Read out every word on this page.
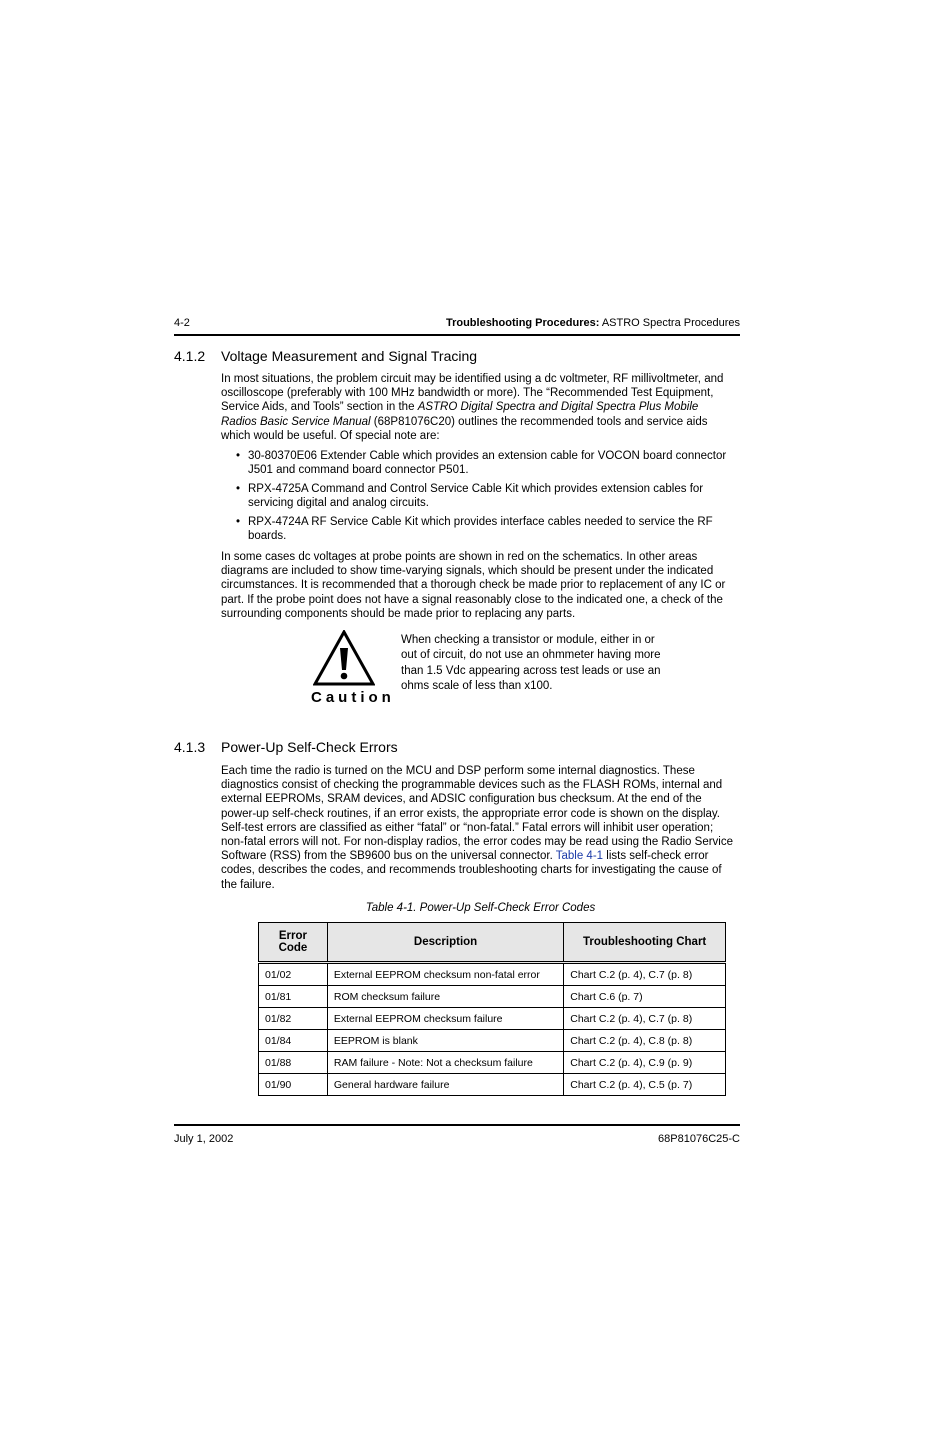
4-2	Troubleshooting Procedures: ASTRO Spectra Procedures
4.1.2 Voltage Measurement and Signal Tracing
In most situations, the problem circuit may be identified using a dc voltmeter, RF millivoltmeter, and
oscilloscope (preferably with 100 MHz bandwidth or more). The “Recommended Test Equipment,
Service Aids, and Tools” section in the ASTRO Digital Spectra and Digital Spectra Plus Mobile
Radios Basic Service Manual (68P81076C20) outlines the recommended tools and service aids
which would be useful. Of special note are:
• 30-80370E06 Extender Cable which provides an extension cable for VOCON board connector
J501 and command board connector P501.
• RPX-4725A Command and Control Service Cable Kit which provides extension cables for
servicing digital and analog circuits.
• RPX-4724A RF Service Cable Kit which provides interface cables needed to service the RF
boards.
In some cases dc voltages at probe points are shown in red on the schematics. In other areas
diagrams are included to show time-varying signals, which should be present under the indicated
circumstances. It is recommended that a thorough check be made prior to replacement of any IC or
part. If the probe point does not have a signal reasonably close to the indicated one, a check of the
surrounding components should be made prior to replacing any parts.
Caution
When checking a transistor or module, either in or
out of circuit, do not use an ohmmeter having more
than 1.5 Vdc appearing across test leads or use an
ohms scale of less than x100.
4.1.3 Power-Up Self-Check Errors
Each time the radio is turned on the MCU and DSP perform some internal diagnostics. These
diagnostics consist of checking the programmable devices such as the FLASH ROMs, internal and
external EEPROMs, SRAM devices, and ADSIC configuration bus checksum. At the end of the
power-up self-check routines, if an error exists, the appropriate error code is shown on the display.
Self-test errors are classified as either “fatal” or “non-fatal.” Fatal errors will inhibit user operation;
non-fatal errors will not. For non-display radios, the error codes may be read using the Radio Service
Software (RSS) from the SB9600 bus on the universal connector. Table 4-1 lists self-check error
codes, describes the codes, and recommends troubleshooting charts for investigating the cause of
the failure.
Table 4-1. Power-Up Self-Check Error Codes
Error
Code	Description	Troubleshooting Chart
01/02	External EEPROM checksum non-fatal error	Chart C.2 (p. 4), C.7 (p. 8)
01/81	ROM checksum failure	Chart C.6 (p. 7)
01/82	External EEPROM checksum failure	Chart C.2 (p. 4), C.7 (p. 8)
01/84	EEPROM is blank	Chart C.2 (p. 4), C.8 (p. 8)
01/88	RAM failure - Note: Not a checksum failure	Chart C.2 (p. 4), C.9 (p. 9)
01/90	General hardware failure	Chart C.2 (p. 4), C.5 (p. 7)
July 1, 2002	68P81076C25-C
